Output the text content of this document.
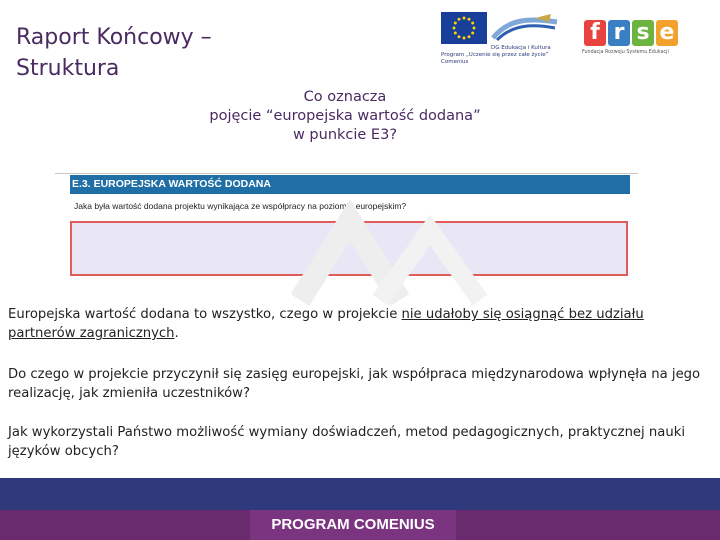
Raport Końcowy –
Struktura
DG Edukacja i Kultura
Program „Uczenie się przez całe życie”
Comenius
f r s e
Fundacja Rozwoju Systemu Edukacji
Co oznacza
pojęcie “europejska wartość dodana”
w punkcie E3?
E.3. EUROPEJSKA WARTOŚĆ DODANA
Jaka była wartość dodana projektu wynikająca ze współpracy na poziomie europejskim?
Europejska wartość dodana to wszystko, czego w projekcie nie udałoby się osiągnąć bez udziału partnerów zagranicznych.
Do czego w projekcie przyczynił się zasięg europejski, jak współpraca międzynarodowa wpłynęła na jego realizację, jak zmieniła uczestników?
Jak wykorzystali Państwo możliwość wymiany doświadczeń, metod pedagogicznych, praktycznej nauki języków obcych?
PROGRAM COMENIUS
